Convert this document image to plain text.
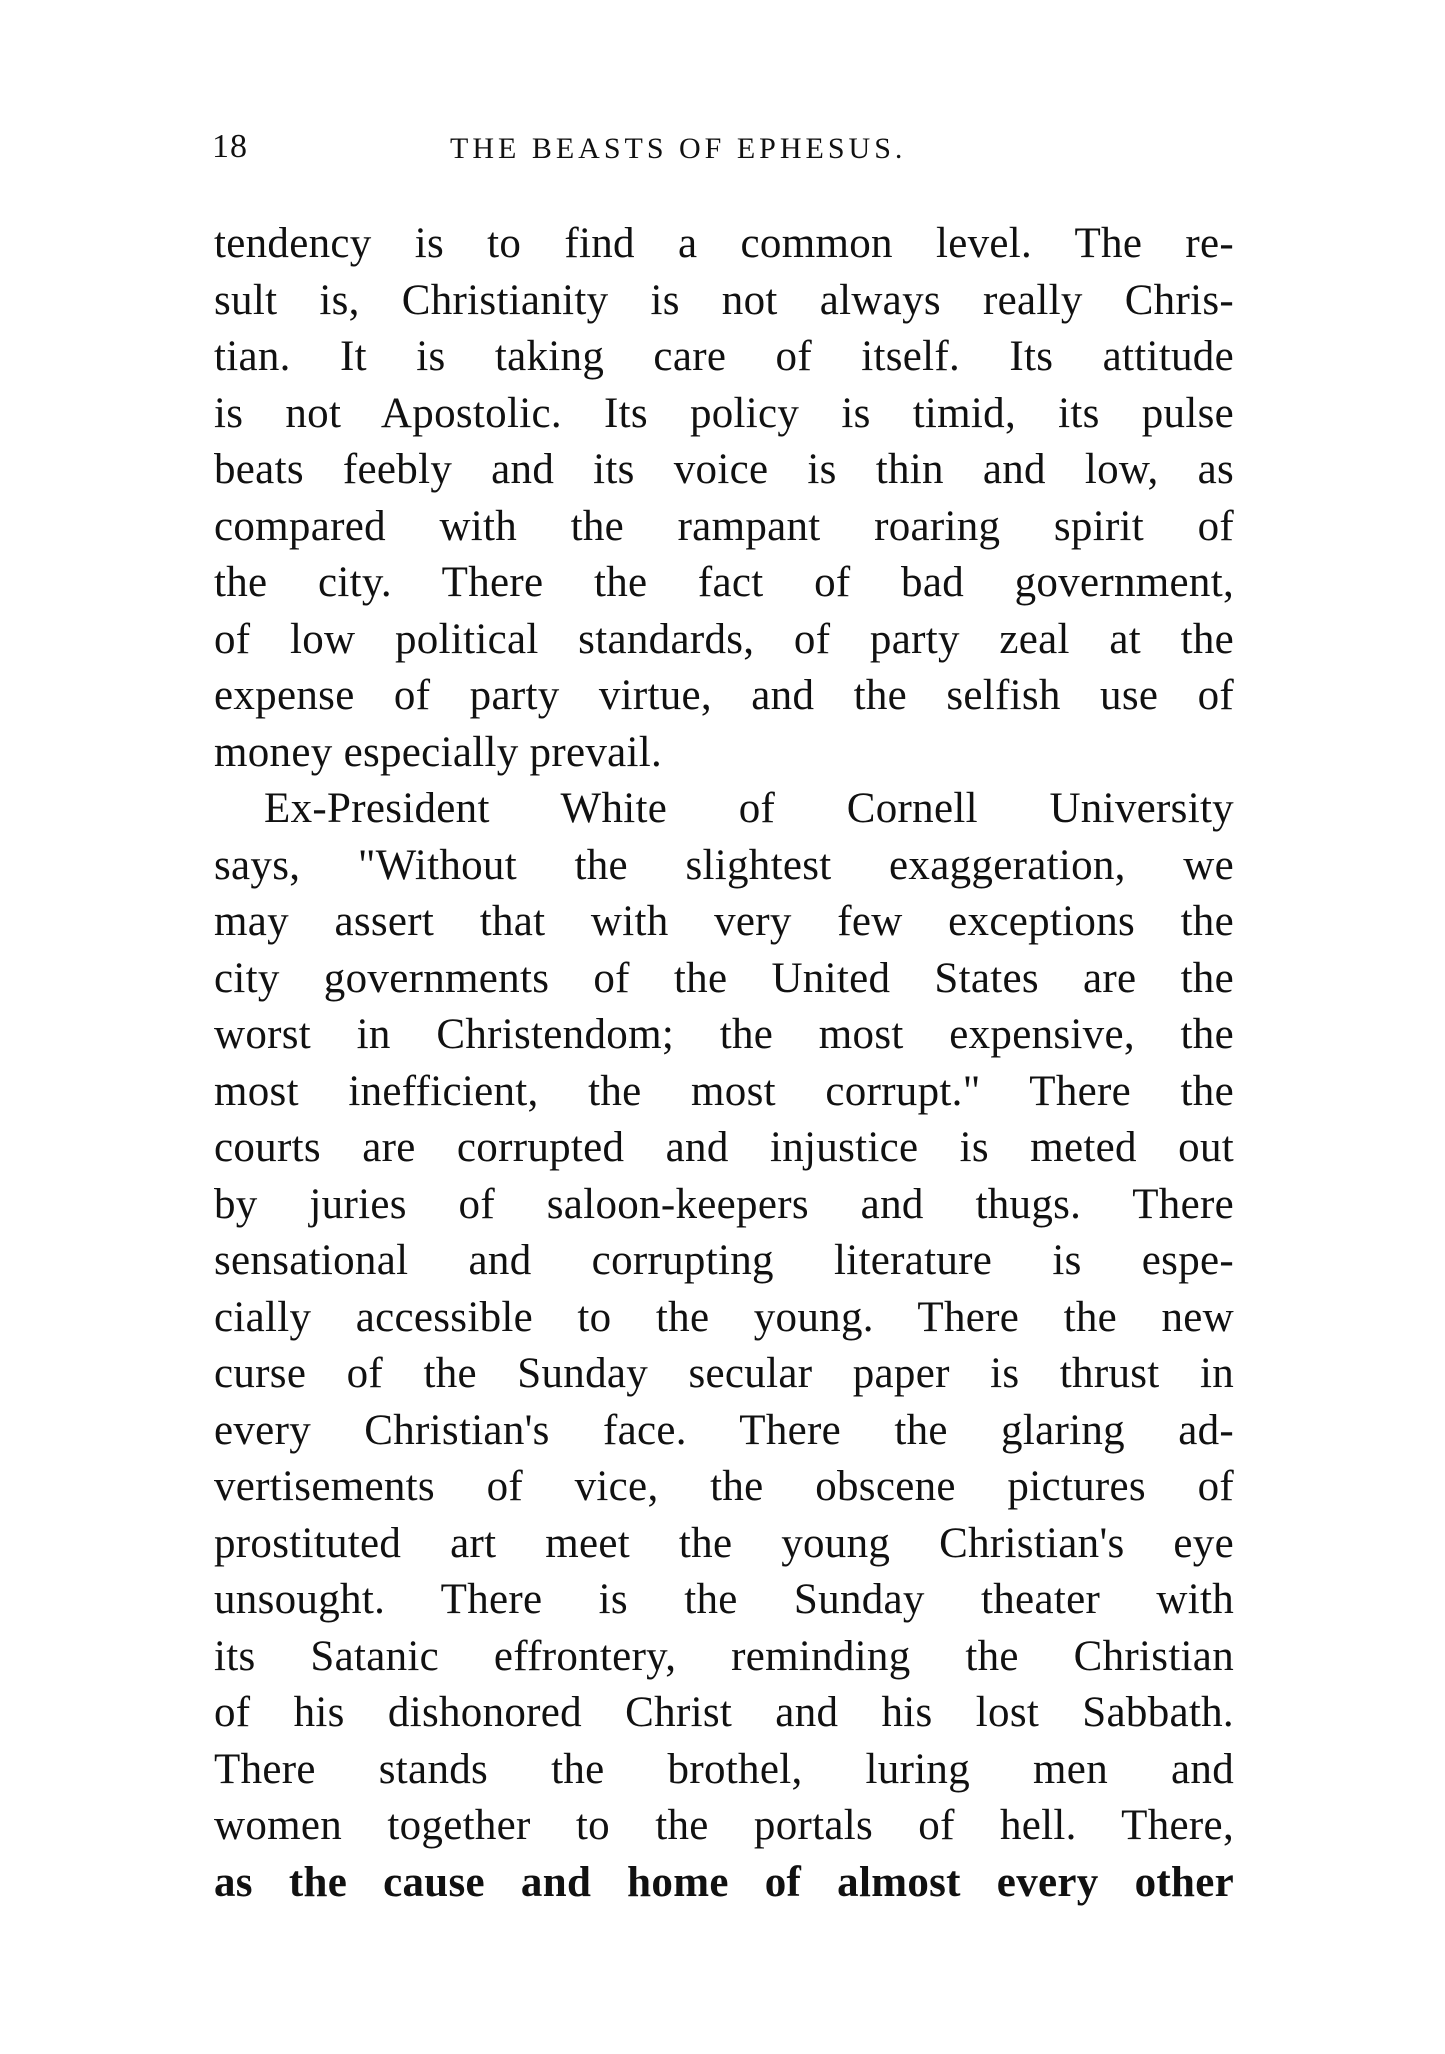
18	THE BEASTS OF EPHESUS.
tendency is to find a common level. The re-
sult is, Christianity is not always really Chris-
tian. It is taking care of itself. Its attitude
is not Apostolic. Its policy is timid, its pulse
beats feebly and its voice is thin and low, as
compared with the rampant roaring spirit of
the city. There the fact of bad government,
of low political standards, of party zeal at the
expense of party virtue, and the selfish use of
money especially prevail.
Ex-President White of Cornell University
says, "Without the slightest exaggeration, we
may assert that with very few exceptions the
city governments of the United States are the
worst in Christendom; the most expensive, the
most inefficient, the most corrupt." There the
courts are corrupted and injustice is meted out
by juries of saloon-keepers and thugs. There
sensational and corrupting literature is espe-
cially accessible to the young. There the new
curse of the Sunday secular paper is thrust in
every Christian's face. There the glaring ad-
vertisements of vice, the obscene pictures of
prostituted art meet the young Christian's eye
unsought. There is the Sunday theater with
its Satanic effrontery, reminding the Christian
of his dishonored Christ and his lost Sabbath.
There stands the brothel, luring men and
women together to the portals of hell. There,
as the cause and home of almost every other
